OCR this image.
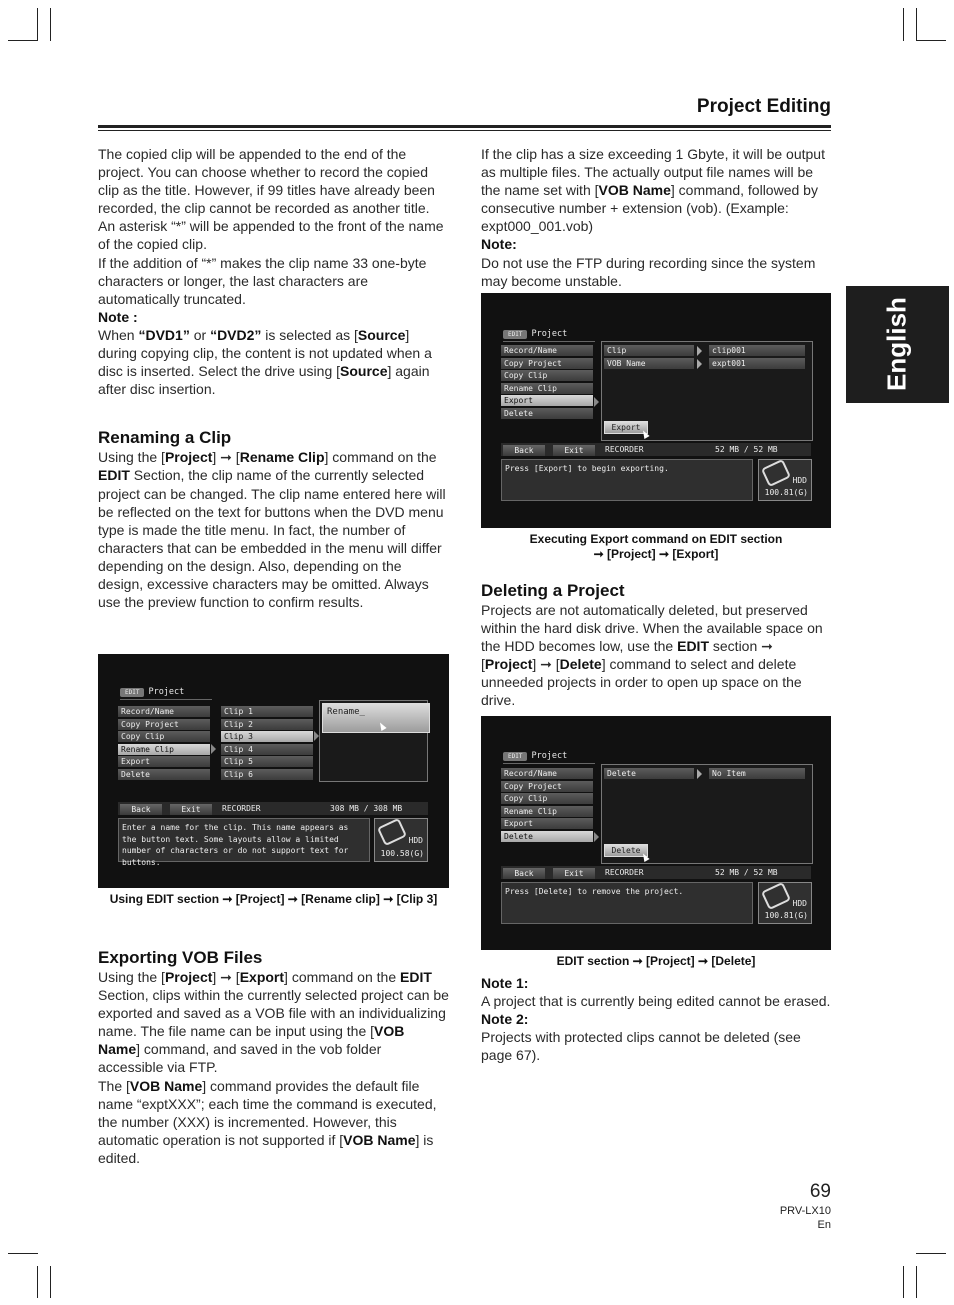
Project Editing
English

The copied clip will be appended to the end of the project. You can choose whether to record the copied clip as the title. However, if 99 titles have already been recorded, the clip cannot be recorded as another title.

An asterisk “*” will be appended to the front of the name of the copied clip.

If the addition of “*” makes the clip name 33 one-byte characters or longer, the last characters are automatically truncated.

Note :

When “DVD1” or “DVD2” is selected as [Source] during copying clip, the content is not updated when a disc is inserted. Select the drive using [Source] again after disc insertion.

Renaming a Clip

Using the [Project] ➞ [Rename Clip] command on the EDIT Section, the clip name of the currently selected project can be changed. The clip name entered here will be reflected on the text for buttons when the DVD menu type is made the title menu. In fact, the number of characters that can be embedded in the menu will differ depending on the design. Also, depending on the design, excessive characters may be omitted. Always use the preview function to confirm results.

EDIT	Project
Record/Name
Copy Project
Copy Clip
Rename Clip
Export
Delete
Clip 1
Clip 2
Clip 3
Clip 4
Clip 5
Clip 6
Rename_
Back	Exit	RECORDER	308 MB / 308 MB
Enter a name for the clip. This name appears as the button text. Some layouts allow a limited number of characters or do not support text for buttons.
HDD
100.58(G)
Using EDIT section ➞ [Project] ➞ [Rename clip] ➞ [Clip 3]
Exporting VOB Files

Using the [Project] ➞ [Export] command on the EDIT Section, clips within the currently selected project can be exported and saved as a VOB file with an individualizing name. The file name can be input using the [VOB Name] command, and saved in the vob folder accessible via FTP.

The [VOB Name] command provides the default file name “exptXXX”; each time the command is executed, the number (XXX) is incremented. However, this automatic operation is not supported if [VOB Name] is edited.

If the clip has a size exceeding 1 Gbyte, it will be output as multiple files. The actually output file names will be the name set with [VOB Name] command, followed by consecutive number + extension (vob). (Example: expt000_001.vob)

Note:

Do not use the FTP during recording since the system may become unstable.

EDIT	Project
Record/Name
Copy Project
Copy Clip
Rename Clip
Export
Delete
Clip
VOB Name
clip001
expt001
Export
Back	Exit	RECORDER	52 MB / 52 MB
Press [Export] to begin exporting.
HDD
100.81(G)
Executing Export command on EDIT section
➞ [Project] ➞ [Export]
Deleting a Project

Projects are not automatically deleted, but preserved within the hard disk drive. When the available space on the HDD becomes low, use the EDIT section ➞ [Project] ➞ [Delete] command to select and delete unneeded projects in order to open up space on the drive.

EDIT	Project
Record/Name
Copy Project
Copy Clip
Rename Clip
Export
Delete
Delete	No Item
Delete
Back	Exit	RECORDER	52 MB / 52 MB
Press [Delete] to remove the project.
HDD
100.81(G)
EDIT section ➞ [Project] ➞ [Delete]

Note 1:

A project that is currently being edited cannot be erased.

Note 2:

Projects with protected clips cannot be deleted (see page 67).

69
PRV-LX10
En
